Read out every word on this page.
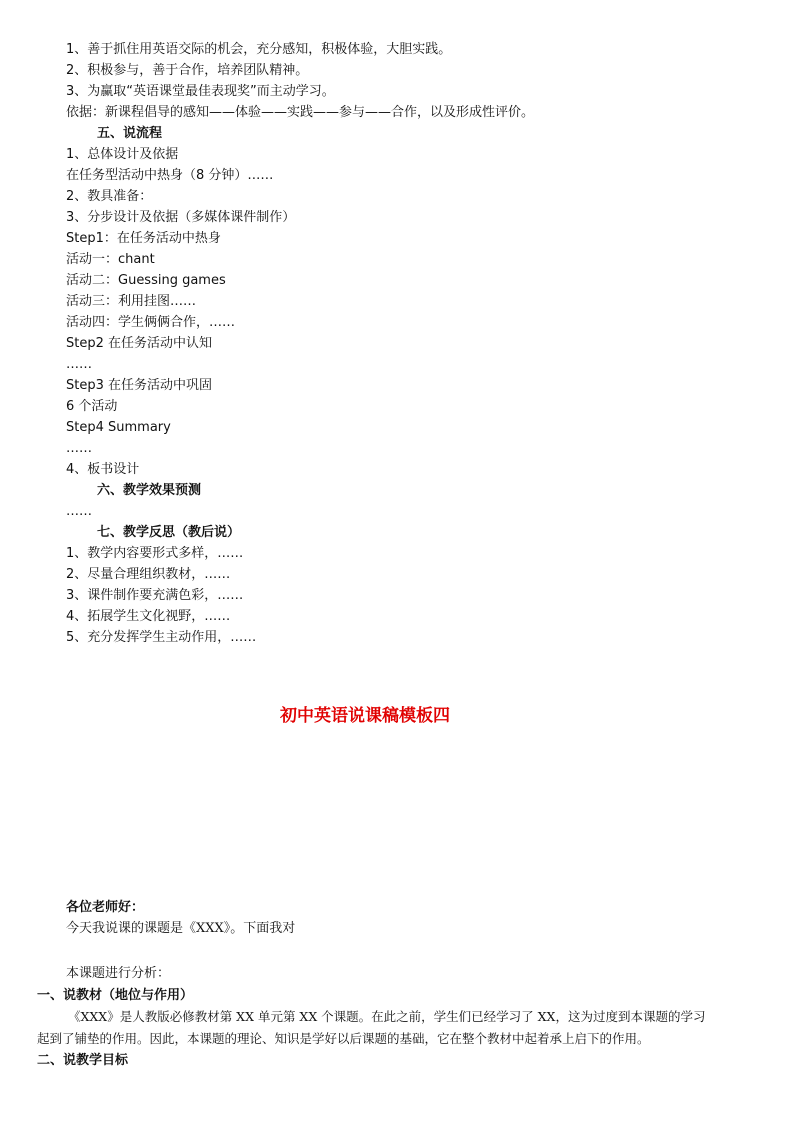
1、善于抓住用英语交际的机会，充分感知，积极体验，大胆实践。
2、积极参与，善于合作，培养团队精神。
3、为赢取“英语课堂最佳表现奖”而主动学习。
依据：新课程倡导的感知——体验——实践——参与——合作，以及形成性评价。
五、说流程
1、总体设计及依据
在任务型活动中热身（8 分钟）……
2、教具准备：
3、分步设计及依据（多媒体课件制作）
Step1：在任务活动中热身
活动一：chant
活动二：Guessing games
活动三：利用挂图……
活动四：学生俩俩合作，……
Step2 在任务活动中认知
……
Step3 在任务活动中巩固
6 个活动
Step4 Summary
……
4、板书设计
六、教学效果预测
……
七、教学反思（教后说）
1、教学内容要形式多样，……
2、尽量合理组织教材，……
3、课件制作要充满色彩，……
4、拓展学生文化视野，……
5、充分发挥学生主动作用，……
初中英语说课稿模板四
各位老师好：
今天我说课的课题是《XXX》。下面我对
本课题进行分析：
一、说教材（地位与作用）
《XXX》是人教版必修教材第 XX 单元第 XX 个课题。在此之前，学生们已经学习了 XX，这为过度到本课题的学习
起到了铺垫的作用。因此，本课题的理论、知识是学好以后课题的基础，它在整个教材中起着承上启下的作用。
二、说教学目标
